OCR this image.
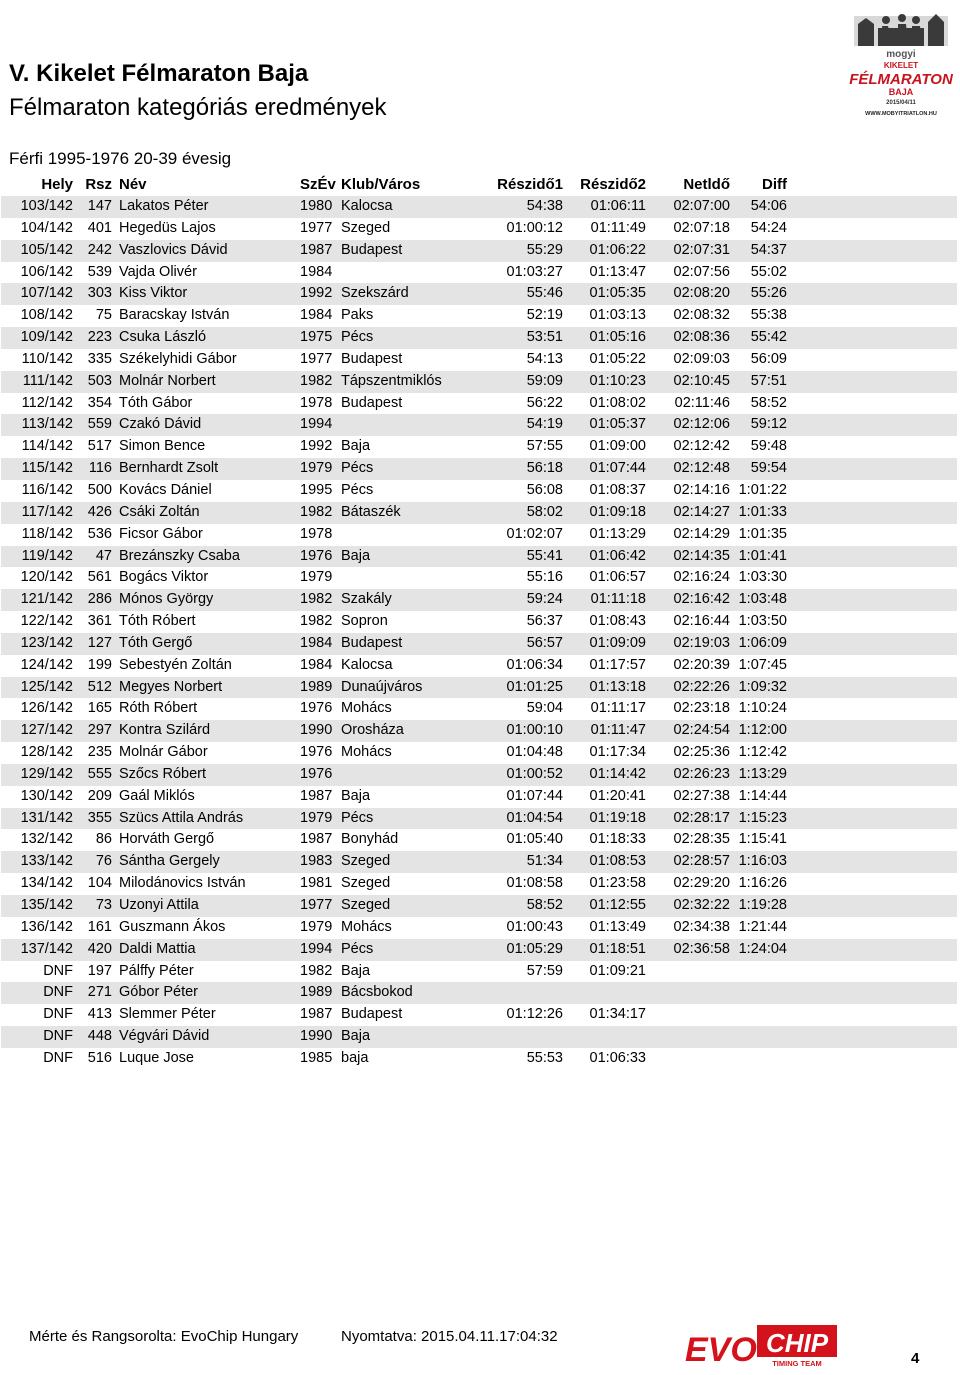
V. Kikelet Félmaraton Baja
Félmaraton kategóriás eredmények
Férfi 1995-1976 20-39 évesig
mogyi
KIKELET
FÉLMARATON
BAJA
2015/04/11
WWW.MOBYITRIATLON.HU
Hely Rsz Név	SzÉv Klub/Város	Részidő1 Részidő2 Netldő Diff
103/142 147 Lakatos Péter	1980 Kalocsa	54:38 01:06:11 02:07:00 54:06
104/142 401 Hegedüs Lajos	1977 Szeged	01:00:12 01:11:49 02:07:18 54:24
105/142 242 Vaszlovics Dávid	1987 Budapest	55:29 01:06:22 02:07:31 54:37
106/142 539 Vajda Olivér	1984	01:03:27 01:13:47 02:07:56 55:02
107/142 303 Kiss Viktor	1992 Szekszárd	55:46 01:05:35 02:08:20 55:26
108/142 75 Baracskay István	1984 Paks	52:19 01:03:13 02:08:32 55:38
109/142 223 Csuka László	1975 Pécs	53:51 01:05:16 02:08:36 55:42
110/142 335 Székelyhidi Gábor	1977 Budapest	54:13 01:05:22 02:09:03 56:09
111/142 503 Molnár Norbert	1982 Tápszentmiklós	59:09 01:10:23 02:10:45 57:51
112/142 354 Tóth Gábor	1978 Budapest	56:22 01:08:02 02:11:46 58:52
113/142 559 Czakó Dávid	1994	54:19 01:05:37 02:12:06 59:12
114/142 517 Simon Bence	1992 Baja	57:55 01:09:00 02:12:42 59:48
115/142 116 Bernhardt Zsolt	1979 Pécs	56:18 01:07:44 02:12:48 59:54
116/142 500 Kovács Dániel	1995 Pécs	56:08 01:08:37 02:14:16 1:01:22
117/142 426 Csáki Zoltán	1982 Bátaszék	58:02 01:09:18 02:14:27 1:01:33
118/142 536 Ficsor Gábor	1978	01:02:07 01:13:29 02:14:29 1:01:35
119/142 47 Brezánszky Csaba	1976 Baja	55:41 01:06:42 02:14:35 1:01:41
120/142 561 Bogács Viktor	1979	55:16 01:06:57 02:16:24 1:03:30
121/142 286 Mónos György	1982 Szakály	59:24 01:11:18 02:16:42 1:03:48
122/142 361 Tóth Róbert	1982 Sopron	56:37 01:08:43 02:16:44 1:03:50
123/142 127 Tóth Gergő	1984 Budapest	56:57 01:09:09 02:19:03 1:06:09
124/142 199 Sebestyén Zoltán	1984 Kalocsa	01:06:34 01:17:57 02:20:39 1:07:45
125/142 512 Megyes Norbert	1989 Dunaújváros	01:01:25 01:13:18 02:22:26 1:09:32
126/142 165 Róth Róbert	1976 Mohács	59:04 01:11:17 02:23:18 1:10:24
127/142 297 Kontra Szilárd	1990 Orosháza	01:00:10 01:11:47 02:24:54 1:12:00
128/142 235 Molnár Gábor	1976 Mohács	01:04:48 01:17:34 02:25:36 1:12:42
129/142 555 Szőcs Róbert	1976	01:00:52 01:14:42 02:26:23 1:13:29
130/142 209 Gaál Miklós	1987 Baja	01:07:44 01:20:41 02:27:38 1:14:44
131/142 355 Szücs Attila András	1979 Pécs	01:04:54 01:19:18 02:28:17 1:15:23
132/142 86 Horváth Gergő	1987 Bonyhád	01:05:40 01:18:33 02:28:35 1:15:41
133/142 76 Sántha Gergely	1983 Szeged	51:34 01:08:53 02:28:57 1:16:03
134/142 104 Milodánovics István	1981 Szeged	01:08:58 01:23:58 02:29:20 1:16:26
135/142 73 Uzonyi Attila	1977 Szeged	58:52 01:12:55 02:32:22 1:19:28
136/142 161 Guszmann Ákos	1979 Mohács	01:00:43 01:13:49 02:34:38 1:21:44
137/142 420 Daldi Mattia	1994 Pécs	01:05:29 01:18:51 02:36:58 1:24:04
DNF 197 Pálffy Péter	1982 Baja	57:59 01:09:21
DNF 271 Góbor Péter	1989 Bácsbokod
DNF 413 Slemmer Péter	1987 Budapest	01:12:26 01:34:17
DNF 448 Végvári Dávid	1990 Baja
DNF 516 Luque Jose	1985 baja	55:53 01:06:33
Mérte és Rangsorolta: EvoChip Hungary	Nyomtatva: 2015.04.11.17:04:32	EVO CHIP
TIMING TEAM	4
